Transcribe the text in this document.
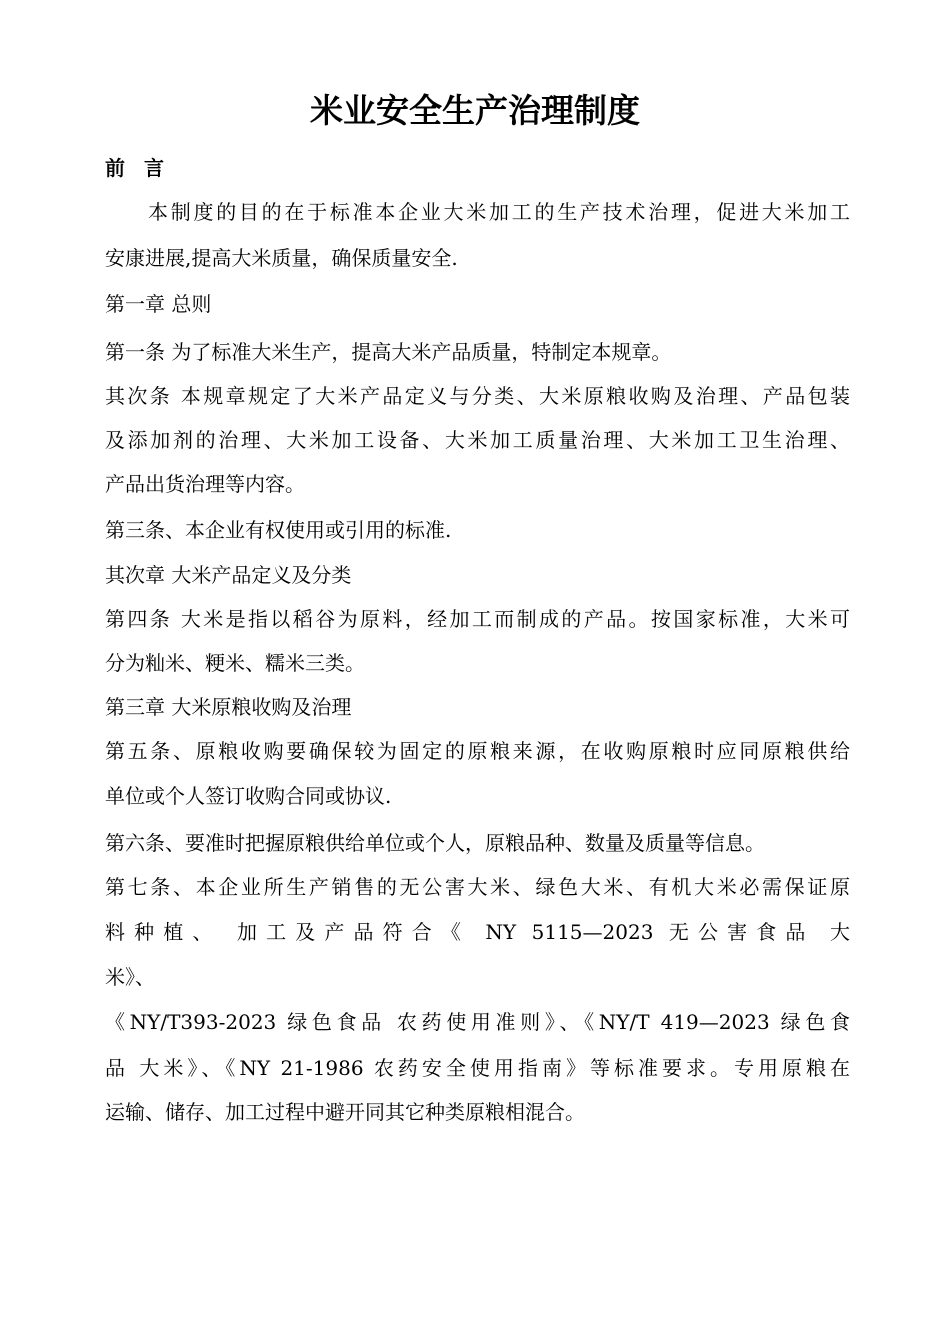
米业安全生产治理制度

前 言

本制度的目的在于标准本企业大米加工的生产技术治理，促进大米加工

安康进展,提高大米质量，确保质量安全.

第一章 总则

第一条 为了标准大米生产，提高大米产品质量，特制定本规章。

其次条 本规章规定了大米产品定义与分类、大米原粮收购及治理、产品包装

及添加剂的治理、大米加工设备、大米加工质量治理、大米加工卫生治理、

产品出货治理等内容。

第三条、本企业有权使用或引用的标准.

其次章 大米产品定义及分类

第四条 大米是指以稻谷为原料，经加工而制成的产品。按国家标准，大米可

分为籼米、粳米、糯米三类。

第三章 大米原粮收购及治理

第五条、原粮收购要确保较为固定的原粮来源，在收购原粮时应同原粮供给

单位或个人签订收购合同或协议.

第六条、要准时把握原粮供给单位或个人，原粮品种、数量及质量等信息。

第七条、本企业所生产销售的无公害大米、绿色大米、有机大米必需保证原

料种植、 加工及产品符合《 NY 5115—2023 无公害食品 大

米》、

《NY/T393-2023 绿色食品 农药使用准则》、《NY/T 419—2023 绿色食

品 大米》、《NY 21-1986 农药安全使用指南》等标准要求。专用原粮在

运输、储存、加工过程中避开同其它种类原粮相混合。
